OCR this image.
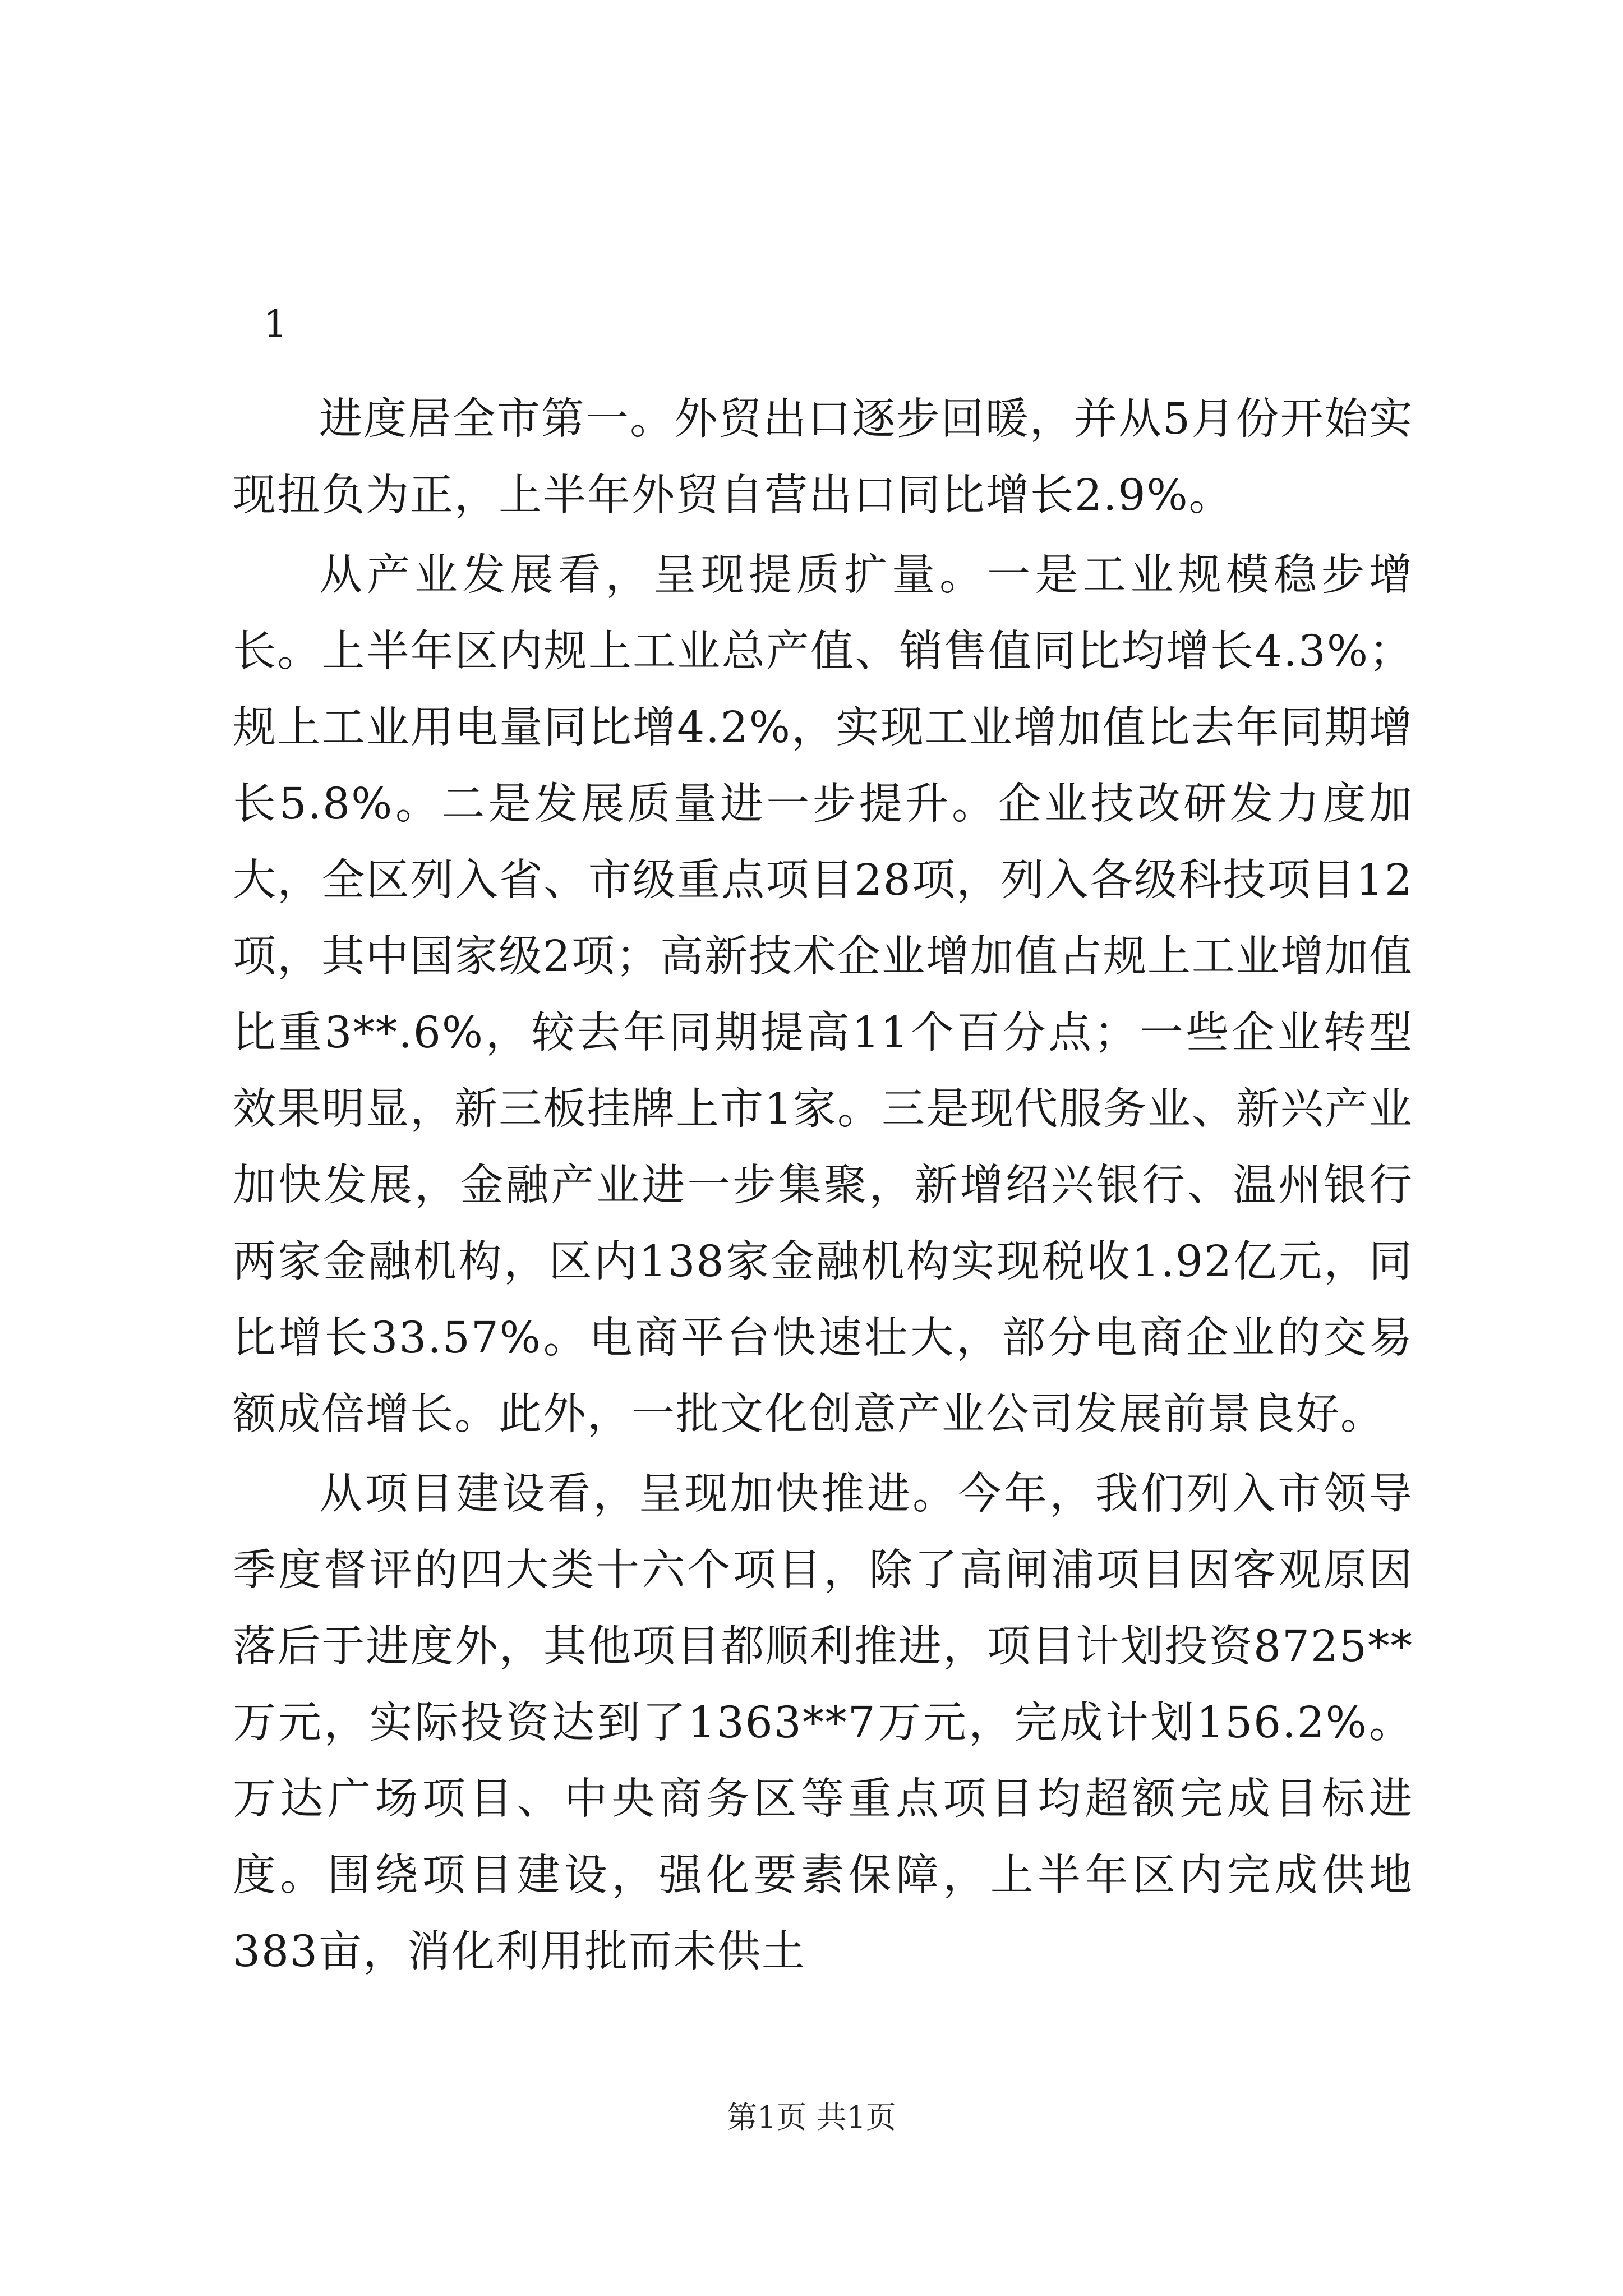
1

进度居全市第一。外贸出口逐步回暖，并从5月份开始实现扭负为正，上半年外贸自营出口同比增长2.9%。

从产业发展看，呈现提质扩量。一是工业规模稳步增长。上半年区内规上工业总产值、销售值同比均增长4.3%；规上工业用电量同比增4.2%，实现工业增加值比去年同期增长5.8%。二是发展质量进一步提升。企业技改研发力度加大，全区列入省、市级重点项目28项，列入各级科技项目12项，其中国家级2项；高新技术企业增加值占规上工业增加值比重3**.6%，较去年同期提高11个百分点；一些企业转型效果明显，新三板挂牌上市1家。三是现代服务业、新兴产业加快发展，金融产业进一步集聚，新增绍兴银行、温州银行两家金融机构，区内138家金融机构实现税收1.92亿元，同比增长33.57%。电商平台快速壮大，部分电商企业的交易额成倍增长。此外，一批文化创意产业公司发展前景良好。

从项目建设看，呈现加快推进。今年，我们列入市领导季度督评的四大类十六个项目，除了高闸浦项目因客观原因落后于进度外，其他项目都顺利推进，项目计划投资8725**万元，实际投资达到了1363**7万元，完成计划156.2%。万达广场项目、中央商务区等重点项目均超额完成目标进度。围绕项目建设，强化要素保障，上半年区内完成供地383亩，消化利用批而未供土

第1页 共1页
